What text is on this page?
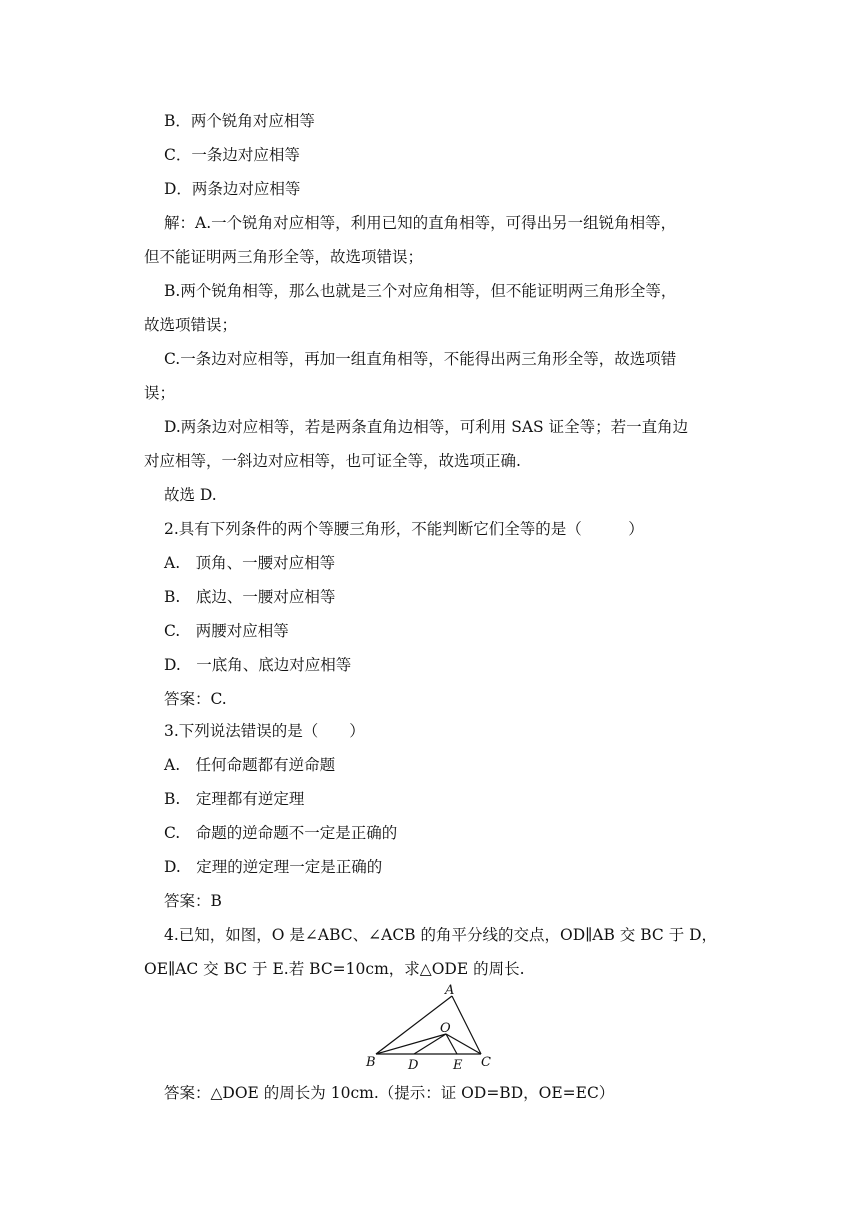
B．两个锐角对应相等
C．一条边对应相等
D．两条边对应相等
解：A.一个锐角对应相等，利用已知的直角相等，可得出另一组锐角相等，
但不能证明两三角形全等，故选项错误；
B.两个锐角相等，那么也就是三个对应角相等，但不能证明两三角形全等，
故选项错误；
C.一条边对应相等，再加一组直角相等，不能得出两三角形全等，故选项错
误；
D.两条边对应相等，若是两条直角边相等，可利用 SAS 证全等；若一直角边
对应相等，一斜边对应相等，也可证全等，故选项正确.
故选 D.
2.具有下列条件的两个等腰三角形，不能判断它们全等的是（　　　）
A.　顶角、一腰对应相等
B.　底边、一腰对应相等
C.　两腰对应相等
D.　一底角、底边对应相等
答案：C.
3.下列说法错误的是（　　）
A.　任何命题都有逆命题
B.　定理都有逆定理
C.　命题的逆命题不一定是正确的
D.　定理的逆定理一定是正确的
答案：B
4.已知，如图，O 是∠ABC、∠ACB 的角平分线的交点，OD∥AB 交 BC 于 D，
OE∥AC 交 BC 于 E.若 BC=10cm，求△ODE 的周长.
A
O
B D	E C
答案：△DOE 的周长为 10cm.（提示：证 OD=BD，OE=EC）
